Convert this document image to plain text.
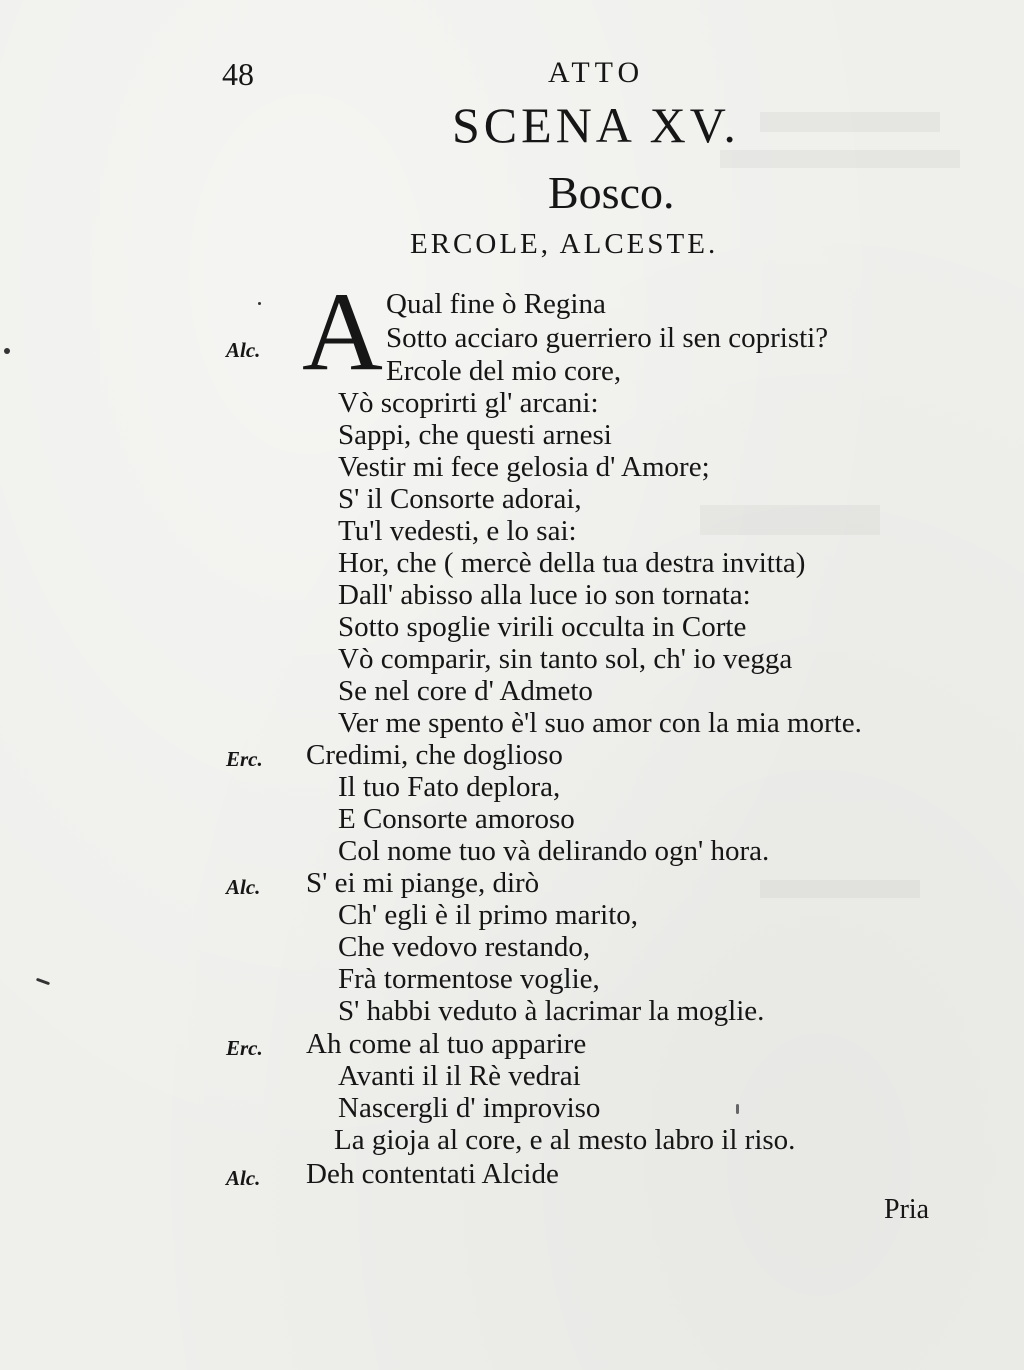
48	ATTO
SCENA XV.
Bosco.
ERCOLE, ALCESTE.
A
Alc.
Erc.
Alc.
Erc.
Alc.
Qual fine ò Regina
Sotto acciaro guerriero il sen copristi?
Ercole del mio core,
Vò scoprirti gl' arcani:
Sappi, che questi arnesi
Vestir mi fece gelosia d' Amore;
S' il Consorte adorai,
Tu'l vedesti, e lo sai:
Hor, che ( mercè della tua destra invitta)
Dall' abisso alla luce io son tornata:
Sotto spoglie virili occulta in Corte
Vò comparir, sin tanto sol, ch' io vegga
Se nel core d' Admeto
Ver me spento è'l suo amor con la mia morte.
Credimi, che doglioso
Il tuo Fato deplora,
E Consorte amoroso
Col nome tuo và delirando ogn' hora.
S' ei mi piange, dirò
Ch' egli è il primo marito,
Che vedovo restando,
Frà tormentose voglie,
S' habbi veduto à lacrimar la moglie.
Ah come al tuo apparire
Avanti il il Rè vedrai
Nascergli d' improviso
La gioja al core, e al mesto labro il riso.
Deh contentati Alcide
Pria
